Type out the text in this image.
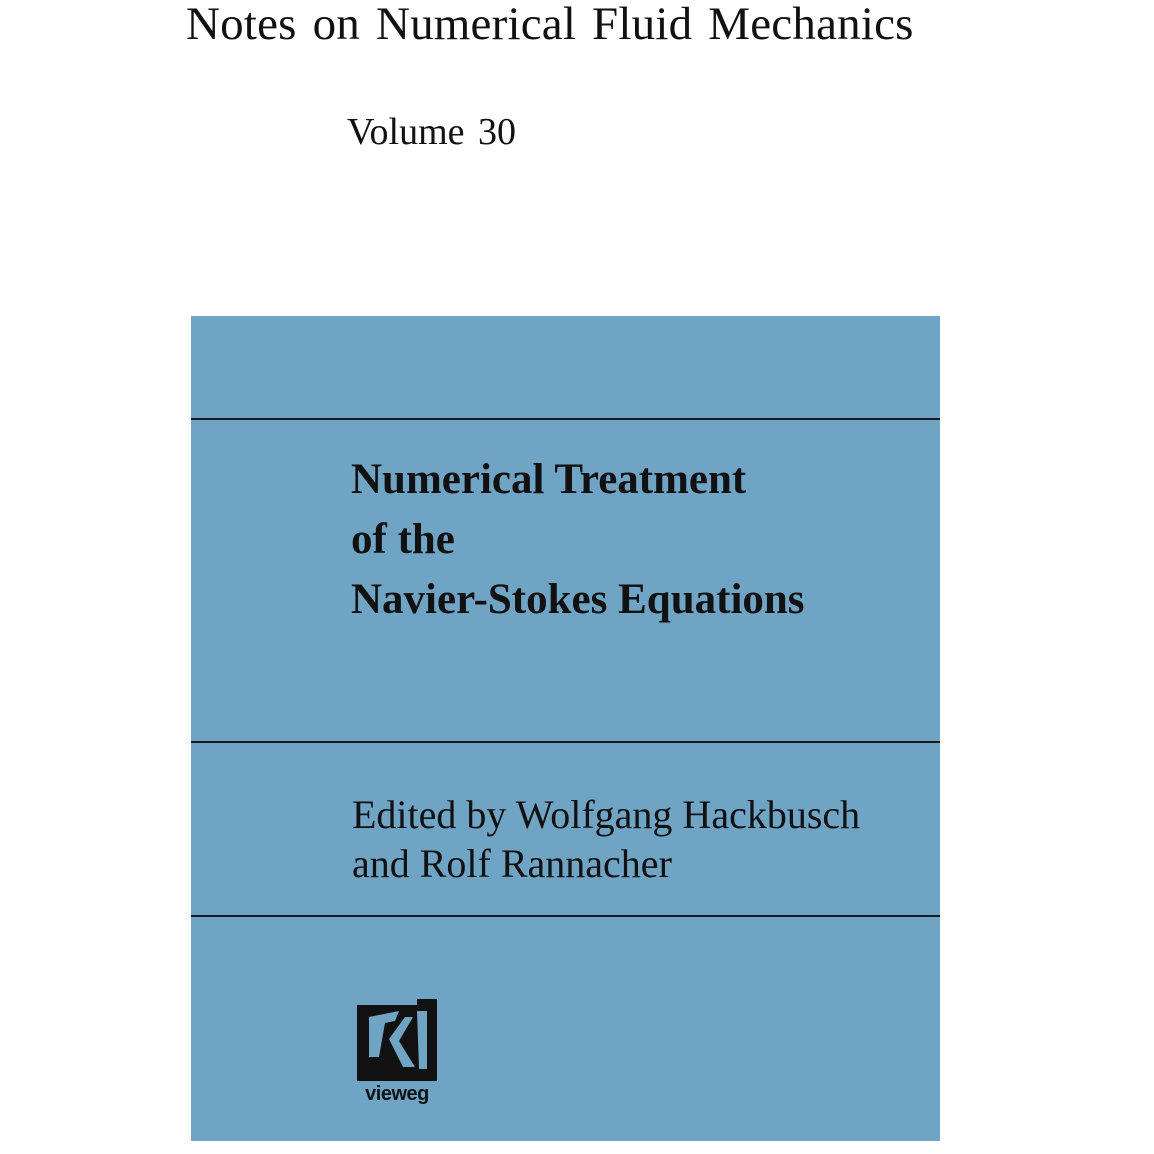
Notes on Numerical Fluid Mechanics
Volume 30
Numerical Treatment
of the
Navier-Stokes Equations
Edited by Wolfgang Hackbusch
and Rolf Rannacher
vieweg
